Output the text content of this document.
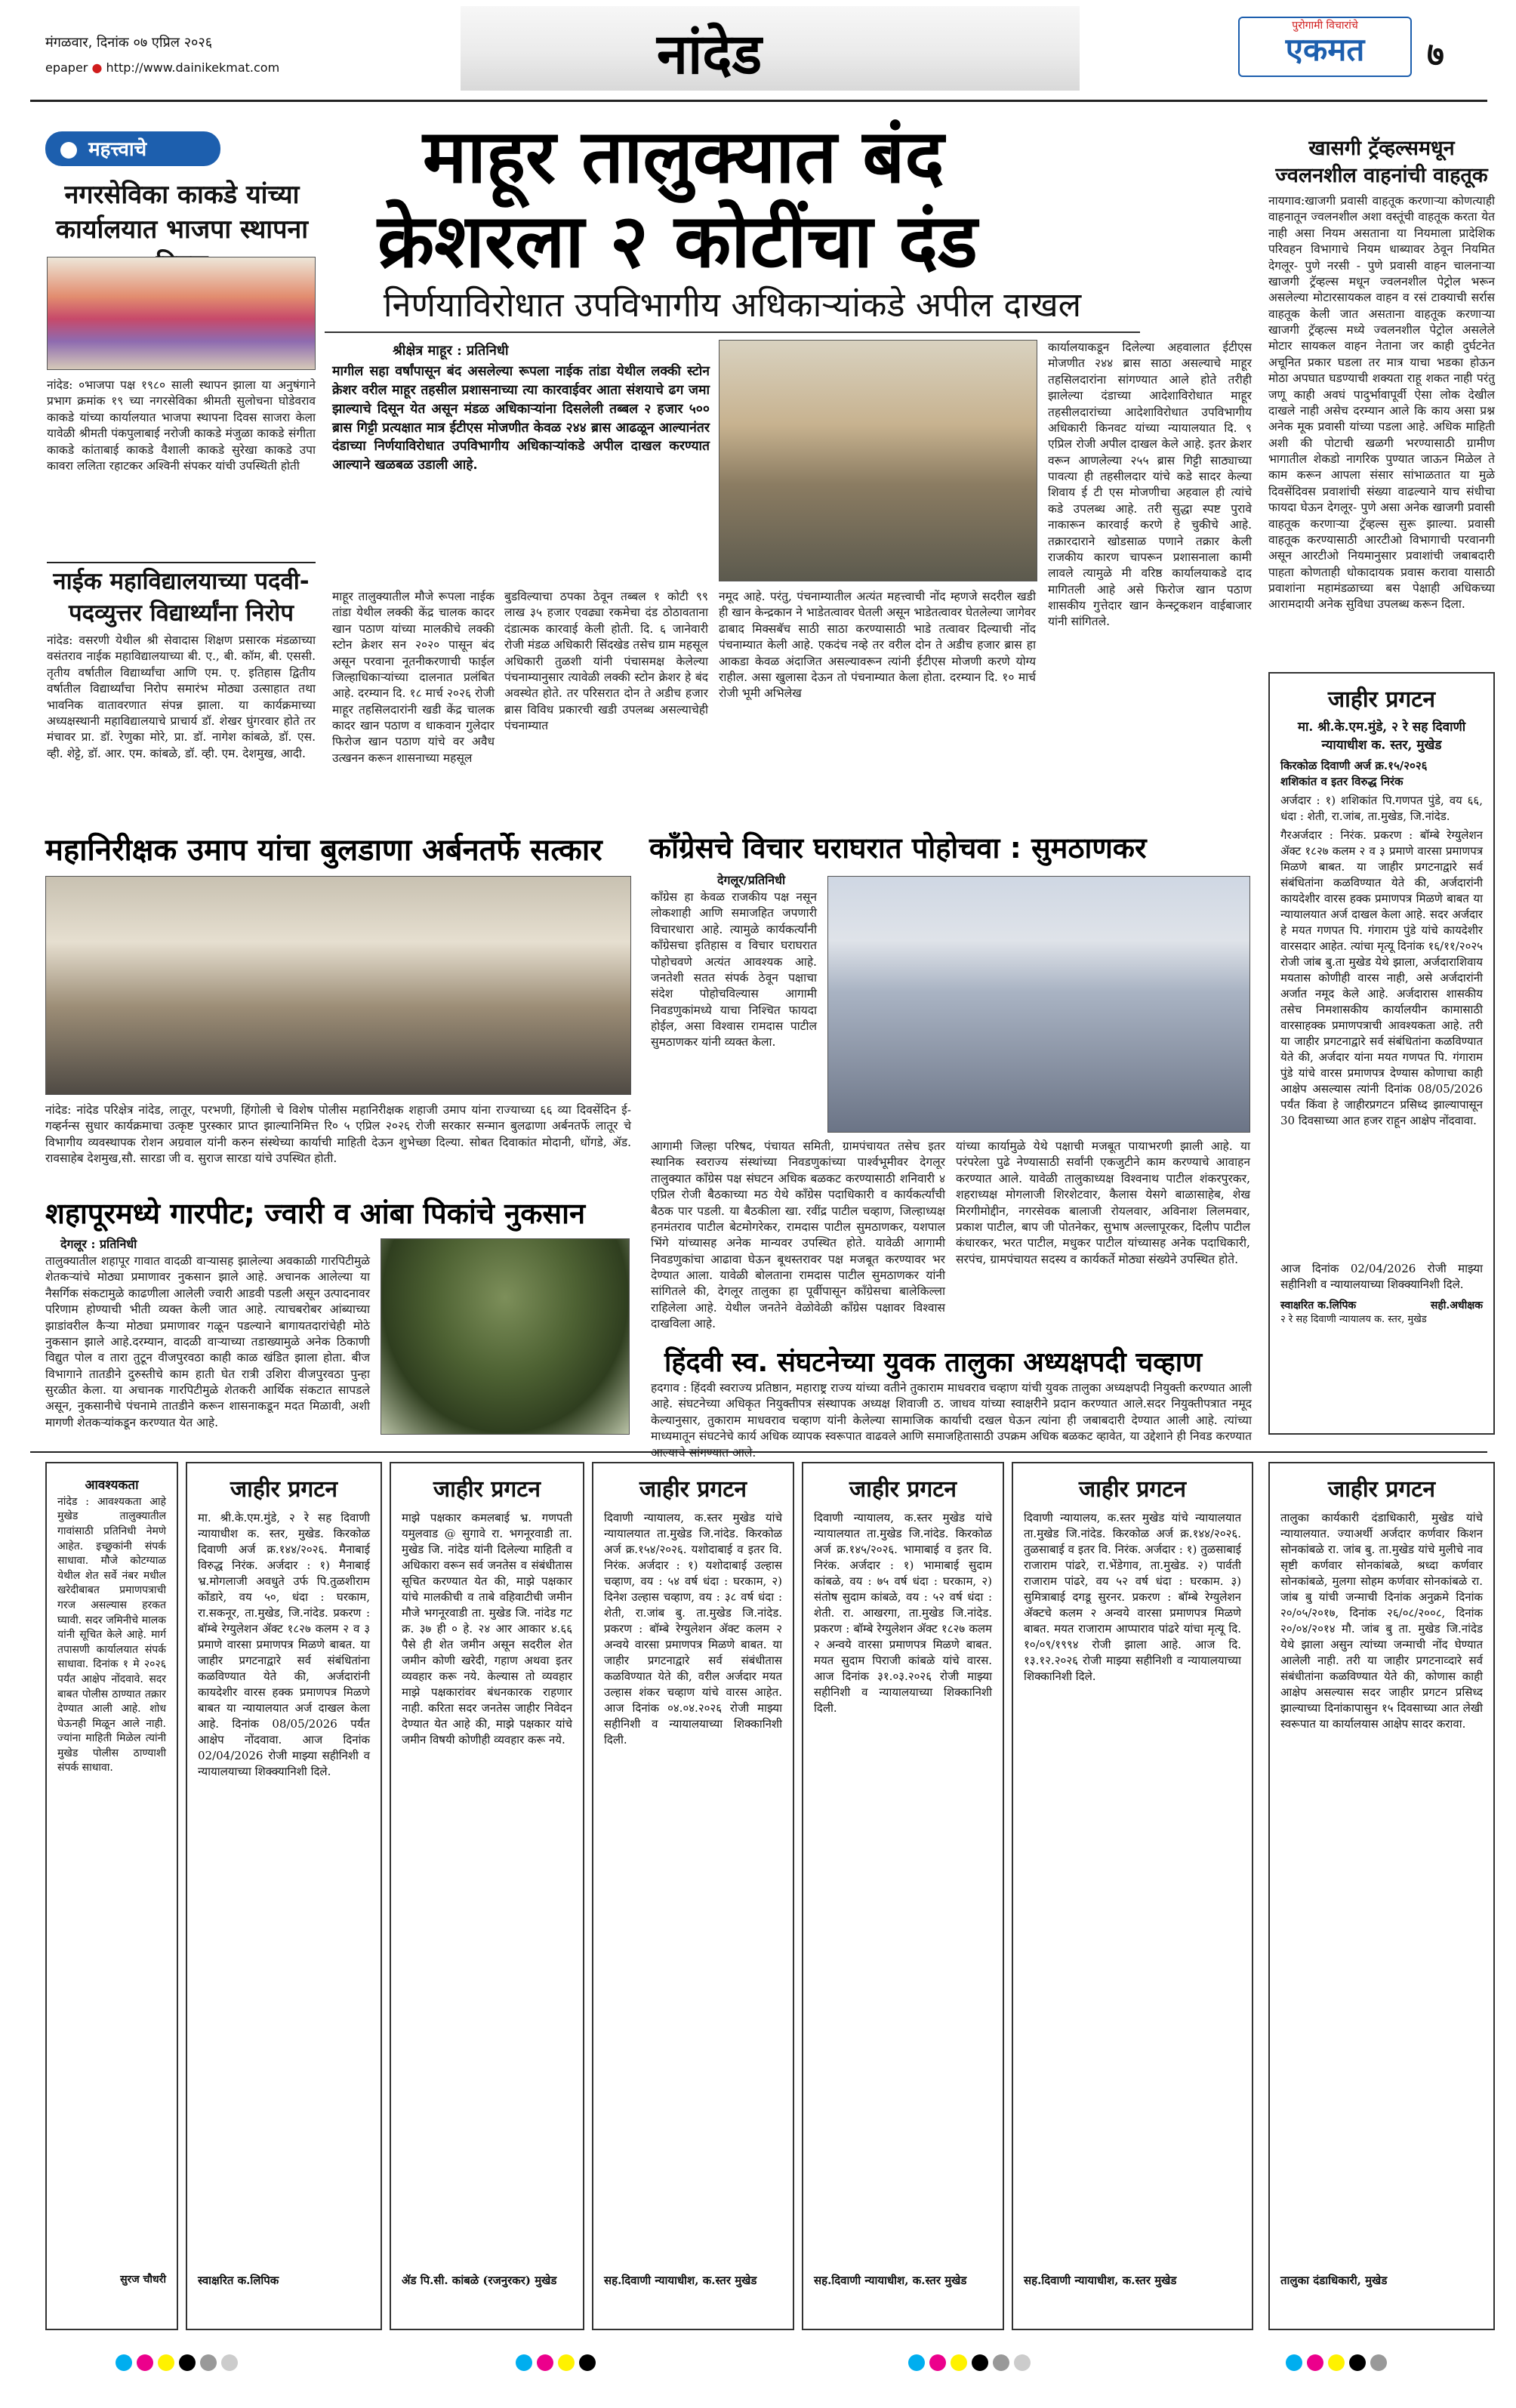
मंगळवार, दिनांक ०७ एप्रिल २०२६
epaper ● http://www.dainikekmat.com	नांदेड	पुरोगामी विचारांचे
एकमत	७
महत्त्वाचे
नगरसेविका काकडे यांच्या कार्यालयात भाजपा स्थापना
नांदेड: ०भाजपा पक्ष १९८० साली स्थापन झाला या अनुषंगाने प्रभाग क्रमांक १९ च्या नगरसेविका श्रीमती सुलोचना घोडेवराव काकडे यांच्या कार्यालयात भाजपा स्थापना दिवस साजरा केला यावेळी श्रीमती पंकपुलाबाई नरोजी काकडे मंजुळा काकडे संगीता काकडे कांताबाई काकडे वैशाली काकडे सुरेखा काकडे उपा कावरा ललिता रहाटकर अश्विनी संपकर यांची उपस्थिती होती
नाईक महाविद्यालयाच्या पदवी-पदव्युत्तर विद्यार्थ्यांना निरोप
नांदेड: वसरणी येथील श्री सेवादास शिक्षण प्रसारक मंडळाच्या वसंतराव नाईक महाविद्यालयाच्या बी. ए., बी. कॉम, बी. एससी. तृतीय वर्षातील विद्यार्थ्यांचा आणि एम. ए. इतिहास द्वितीय वर्षातील विद्यार्थ्यांचा निरोप समारंभ मोठ्या उत्साहात तथा भावनिक वातावरणात संपन्न झाला. या कार्यक्रमाच्या अध्यक्षस्थानी महाविद्यालयाचे प्राचार्य डॉ. शेखर घुंगरवार होते तर मंचावर प्रा. डॉ. रेणुका मोरे, प्रा. डॉ. नागेश कांबळे, डॉ. एस. व्ही. शेट्टे, डॉ. आर. एम. कांबळे, डॉ. व्ही. एम. देशमुख, आदी.
माहूर तालुक्यात बंद
क्रेशरला २ कोटींचा दंड
निर्णयाविरोधात उपविभागीय अधिकाऱ्यांकडे अपील दाखल
श्रीक्षेत्र माहूर : प्रतिनिधी
मागील सहा वर्षांपासून बंद असलेल्या रूपला नाईक तांडा येथील लक्की स्टोन क्रेशर वरील माहूर तहसील प्रशासनाच्या त्या कारवाईवर आता संशयाचे ढग जमा झाल्याचे दिसून येत असून मंडळ अधिकाऱ्यांना दिसलेली तब्बल २ हजार ५०० ब्रास गिट्टी प्रत्यक्षात मात्र ईटीएस मोजणीत केवळ २४४ ब्रास आढळून आल्यानंतर दंडाच्या निर्णयाविरोधात उपविभागीय अधिकाऱ्यांकडे अपील दाखल करण्यात आल्याने खळबळ उडाली आहे.
माहूर तालुक्यातील मौजे रूपला नाईक तांडा येथील लक्की केंद्र चालक कादर खान पठाण यांच्या मालकीचे लक्की स्टोन क्रेशर सन २०२० पासून बंद असून परवाना नूतनीकरणाची फाईल जिल्हाधिकाऱ्यांच्या दालनात प्रलंबित आहे. दरम्यान दि. १८ मार्च २०२६ रोजी माहूर तहसिलदारांनी खडी केंद्र चालक कादर खान पठाण व धाकवान गुलेदार फिरोज खान पठाण यांचे वर अवैध उत्खनन करून शासनाच्या महसूल
बुडविल्याचा ठपका ठेवून तब्बल १ कोटी ९९ लाख ३५ हजार एवढ्या रकमेचा दंड ठोठावताना दंडात्मक कारवाई केली होती. दि. ६ जानेवारी रोजी मंडळ अधिकारी सिंदखेड तसेच ग्राम महसूल अधिकारी तुळशी यांनी पंचासमक्ष केलेल्या पंचनाम्यानुसार त्यावेळी लक्की स्टोन क्रेशर हे बंद अवस्थेत होते. तर परिसरात दोन ते अडीच हजार ब्रास विविध प्रकारची खडी उपलब्ध असल्याचेही पंचनाम्यात
नमूद आहे. परंतु, पंचनाम्यातील अत्यंत महत्त्वाची नोंद म्हणजे सदरील खडी ही खान केन्द्रकान ने भाडेतत्वावर घेतली असून भाडेतत्वावर घेतलेल्या जागेवर ढाबाद मिक्सबॅच साठी साठा करण्यासाठी भाडे तत्वावर दिल्याची नोंद पंचनाम्यात केली आहे. एकदंच नव्हे तर वरील दोन ते अडीच हजार ब्रास हा आकडा केवळ अंदाजित असल्यावरून त्यांनी ईटीएस मोजणी करणे योग्य राहील. असा खुलासा देऊन तो पंचनाम्यात केला होता. दरम्यान दि. १० मार्च रोजी भूमी अभिलेख
कार्यालयाकडून दिलेल्या अहवालात ईटीएस मोजणीत २४४ ब्रास साठा असल्याचे माहूर तहसिलदारांना सांगण्यात आले होते तरीही झालेल्या दंडाच्या आदेशाविरोधात माहूर तहसीलदारांच्या आदेशाविरोधात उपविभागीय अधिकारी किनवट यांच्या न्यायालयात दि. ९ एप्रिल रोजी अपील दाखल केले आहे. इतर क्रेशर वरून आणलेल्या २५५ ब्रास गिट्टी साठ्याच्या पावत्या ही तहसीलदार यांचे कडे सादर केल्या शिवाय ई टी एस मोजणीचा अहवाल ही त्यांचे कडे उपलब्ध आहे. तरी सुद्धा स्पष्ट पुरावे नाकारून कारवाई करणे हे चुकीचे आहे. तक्रारदाराने खोडसाळ पणाने तक्रार केली राजकीय कारण चापरून प्रशासनाला कामी लावले त्यामुळे मी वरिष्ठ कार्यालयाकडे दाद मागितली आहे असे फिरोज खान पठाण शासकीय गुत्तेदार खान केन्स्ट्रकशन वाईबाजार यांनी सांगितले.
खासगी ट्रॅव्हल्समधून
ज्वलनशील वाहनांची वाहतूक
नायगाव:खाजगी प्रवासी वाहतूक करणाऱ्या कोणत्याही वाहनातून ज्वलनशील अशा वस्तूंची वाहतूक करता येत नाही असा नियम असताना या नियमाला प्रादेशिक परिवहन विभागाचे नियम धाब्यावर ठेवून नियमित देगलूर- पुणे नरसी - पुणे प्रवासी वाहन चालनाऱ्या खाजगी ट्रॅव्हल्स मधून ज्वलनशील पेट्रोल भरून असलेल्या मोटारसायकल वाहन व रसं टाक्याची सर्रास वाहतूक केली जात असताना वाहतूक करणाऱ्या खाजगी ट्रॅव्हल्स मध्ये ज्वलनशील पेट्रोल असलेले मोटार सायकल वाहन नेताना जर काही दुर्घटनेत अचूनित प्रकार घडला तर मात्र याचा भडका होऊन मोठा अपघात घडण्याची शक्यता राहू शकत नाही परंतु जणू काही अवघं पादुर्भावापूर्वी ऐसा लोक देखील दाखले नाही असेच दरम्यान आले कि काय असा प्रश्न अनेक मूक प्रवासी यांच्या पडला आहे. अधिक माहिती अशी की पोटाची खळगी भरण्यासाठी ग्रामीण भागातील शेकडो नागरिक पुण्यात जाऊन मिळेल ते काम करून आपला संसार सांभाळतात या मुळे दिवसेंदिवस प्रवाशांची संख्या वाढल्याने याच संधीचा फायदा घेऊन देगलूर- पुणे असा अनेक खाजगी प्रवासी वाहतूक करणाऱ्या ट्रॅव्हल्स सुरू झाल्या. प्रवासी वाहतूक करण्यासाठी आरटीओ विभागाची परवानगी असून आरटीओ नियमानुसार प्रवाशांची जबाबदारी पाहता कोणताही धोकादायक प्रवास करावा यासाठी प्रवाशांना महामंडळाच्या बस पेक्षाही अधिकच्या आरामदायी अनेक सुविधा उपलब्ध करून दिला.
जाहीर प्रगटन
मा. श्री.के.एम.मुंडे, २ रे सह दिवाणी न्यायाधीश क. स्तर, मुखेड
किरकोळ दिवाणी अर्ज क्र.१५/२०२६
शशिकांत व इतर विरुद्ध निरंक
अर्जदार : १) शशिकांत पि.गणपत पुंडे, वय ६६, धंदा : शेती, रा.जांब, ता.मुखेड, जि.नांदेड.
गैरअर्जदार : निरंक. प्रकरण : बॉम्बे रेग्युलेशन ॲक्ट १८२७ कलम २ व ३ प्रमाणे वारसा प्रमाणपत्र मिळणे बाबत. या जाहीर प्रगटनाद्वारे सर्व संबंधितांना कळविण्यात येते की, अर्जदारांनी कायदेशीर वारस हक्क प्रमाणपत्र मिळणे बाबत या न्यायालयात अर्ज दाखल केला आहे. सदर अर्जदार हे मयत गणपत पि. गंगाराम पुंडे यांचे कायदेशीर वारसदार आहेत. त्यांचा मृत्यू दिनांक १६/११/२०२५ रोजी जांब बु.ता मुखेड येथे झाला, अर्जदाराशिवाय मयतास कोणीही वारस नाही, असे अर्जदारांनी अर्जात नमूद केले आहे. अर्जदारास शासकीय तसेच निमशासकीय कार्यालयीन कामासाठी वारसाहक्क प्रमाणपत्राची आवश्यकता आहे. तरी या जाहीर प्रगटनाद्वारे सर्व संबंधितांना कळविण्यात येते की, अर्जदार यांना मयत गणपत पि. गंगाराम पुंडे यांचे वारस प्रमाणपत्र देण्यास कोणाचा काही आक्षेप असल्यास त्यांनी दिनांक 08/05/2026 पर्यंत किंवा हे जाहीरप्रगटन प्रसिध्द झाल्यापासून 30 दिवसाच्या आत हजर राहून आक्षेप नोंदवावा.
आज दिनांक 02/04/2026 रोजी माझ्या सहीनिशी व न्यायालयाच्या शिक्क्यानिशी दिले.
स्वाक्षरित क.लिपिक	सही.अधीक्षक
२ रे सह दिवाणी न्यायालय क. स्तर, मुखेड
महानिरीक्षक उमाप यांचा बुलडाणा अर्बनतर्फे सत्कार
नांदेड: नांदेड परिक्षेत्र नांदेड, लातूर, परभणी, हिंगोली चे विशेष पोलीस महानिरीक्षक शहाजी उमाप यांना राज्याच्या ६६ व्या दिवसेंदिन ई-गव्हर्नन्स सुधार कार्यक्रमाचा उत्कृष्ट पुरस्कार प्राप्त झाल्यानिमित्त रि० ५ एप्रिल २०२६ रोजी सरकार सन्मान बुलढाणा अर्बनतर्फे लातूर चे विभागीय व्यवस्थापक रोशन अग्रवाल यांनी करुन संस्थेच्या कार्याची माहिती देऊन शुभेच्छा दिल्या. सोबत दिवाकांत मोदानी, धोंगडे, ॲड. रावसाहेब देशमुख,सौ. सारडा जी व. सुराज सारडा यांचे उपस्थित होती.
काँग्रेसचे विचार घराघरात पोहोचवा : सुमठाणकर
देगलूर/प्रतिनिधी
काँग्रेस हा केवळ राजकीय पक्ष नसून लोकशाही आणि समाजहित जपणारी विचारधारा आहे. त्यामुळे कार्यकर्त्यांनी काँग्रेसचा इतिहास व विचार घराघरात पोहोचवणे अत्यंत आवश्यक आहे. जनतेशी सतत संपर्क ठेवून पक्षाचा संदेश पोहोचविल्यास आगामी निवडणुकांमध्ये याचा निश्चित फायदा होईल, असा विश्वास रामदास पाटील सुमठाणकर यांनी व्यक्त केला.
आगामी जिल्हा परिषद, पंचायत समिती, ग्रामपंचायत तसेच इतर स्थानिक स्वराज्य संस्थांच्या निवडणुकांच्या पार्श्वभूमीवर देगलूर तालुक्यात काँग्रेस पक्ष संघटन अधिक बळकट करण्यासाठी शनिवारी ४ एप्रिल रोजी बैठकाच्या मठ येथे काँग्रेस पदाधिकारी व कार्यकर्त्यांची बैठक पार पडली. या बैठकीला खा. रवींद्र पाटील चव्हाण, जिल्हाध्यक्ष हनमंतराव पाटील बेटमोगरेकर, रामदास पाटील सुमठाणकर, यशपाल भिंगे यांच्यासह अनेक मान्यवर उपस्थित होते. यावेळी आगामी निवडणुकांचा आढावा घेऊन बूथस्तरावर पक्ष मजबूत करण्यावर भर देण्यात आला. यावेळी बोलताना रामदास पाटील सुमठाणकर यांनी सांगितले की, देगलूर तालुका हा पूर्वीपासून काँग्रेसचा बालेकिल्ला राहिलेला आहे. येथील जनतेने वेळोवेळी काँग्रेस पक्षावर विश्वास दाखविला आहे.
यांच्या कार्यामुळे येथे पक्षाची मजबूत पायाभरणी झाली आहे. या परंपरेला पुढे नेण्यासाठी सर्वांनी एकजुटीने काम करण्याचे आवाहन करण्यात आले. यावेळी तालुकाध्यक्ष विश्वनाथ पाटील शंकरपुरकर, शहराध्यक्ष मोगलाजी शिरशेटवार, कैलास येसगे बाळासाहेब, शेख मिरगीमोद्दीन, नगरसेवक बालाजी रोयलवार, अविनाश लिलमवार, प्रकाश पाटील, बाप जी पोतनेकर, सुभाष अल्लापूरकर, दिलीप पाटील कंधारकर, भरत पाटील, मधुकर पाटील यांच्यासह अनेक पदाधिकारी, सरपंच, ग्रामपंचायत सदस्य व कार्यकर्ते मोठ्या संख्येने उपस्थित होते.
शहापूरमध्ये गारपीट; ज्वारी व आंबा पिकांचे नुकसान
देगलूर : प्रतिनिधी
तालुक्यातील शहापूर गावात वादळी वाऱ्यासह झालेल्या अवकाळी गारपिटीमुळे शेतकऱ्यांचे मोठ्या प्रमाणावर नुकसान झाले आहे. अचानक आलेल्या या नैसर्गिक संकटामुळे काढणीला आलेली ज्वारी आडवी पडली असून उत्पादनावर परिणाम होण्याची भीती व्यक्त केली जात आहे. त्याचबरोबर आंब्याच्या झाडांवरील कैऱ्या मोठ्या प्रमाणावर गळून पडल्याने बागायतदारांचेही मोठे नुकसान झाले आहे.दरम्यान, वादळी वाऱ्याच्या तडाख्यामुळे अनेक ठिकाणी विद्युत पोल व तारा तुटून वीजपुरवठा काही काळ खंडित झाला होता. बीज विभागाने तातडीने दुरुस्तीचे काम हाती घेत रात्री उशिरा वीजपुरवठा पुन्हा सुरळीत केला. या अचानक गारपिटीमुळे शेतकरी आर्थिक संकटात सापडले असून, नुकसानीचे पंचनामे तातडीने करून शासनाकडून मदत मिळावी, अशी मागणी शेतकऱ्यांकडून करण्यात येत आहे.
हिंदवी स्व. संघटनेच्या युवक तालुका अध्यक्षपदी चव्हाण
हदगाव : हिंदवी स्वराज्य प्रतिष्ठान, महाराष्ट्र राज्य यांच्या वतीने तुकाराम माधवराव चव्हाण यांची युवक तालुका अध्यक्षपदी नियुक्ती करण्यात आली आहे. संघटनेच्या अधिकृत नियुक्तीपत्र संस्थापक अध्यक्ष शिवाजी ठ. जाधव यांच्या स्वाक्षरीने प्रदान करण्यात आले.सदर नियुक्तीपत्रात नमूद केल्यानुसार, तुकाराम माधवराव चव्हाण यांनी केलेल्या सामाजिक कार्याची दखल घेऊन त्यांना ही जबाबदारी देण्यात आली आहे. त्यांच्या माध्यमातून संघटनेचे कार्य अधिक व्यापक स्वरूपात वाढवले आणि समाजहितासाठी उपक्रम अधिक बळकट व्हावेत, या उद्देशाने ही निवड करण्यात
आवश्यकता
नांदेड : आवश्यकता आहे मुखेड तालुक्यातील गावांसाठी प्रतिनिधी नेमणे आहेत. इच्छुकांनी संपर्क साधावा. मौजे कोटग्याळ येथील शेत सर्वे नंबर मधील खरेदीबाबत प्रमाणपत्राची गरज असल्यास हरकत घ्यावी. सदर जमिनीचे मालक यांनी सूचित केले आहे. मार्ग तपासणी कार्यालयात संपर्क साधावा. दिनांक १ मे २०२६ पर्यंत आक्षेप नोंदवावे. सदर बाबत पोलीस ठाण्यात तक्रार देण्यात आली आहे. शोध घेऊनही मिळून आले नाही. ज्यांना माहिती मिळेल त्यांनी मुखेड पोलीस ठाण्याशी संपर्क साधावा.
सुरज चौधरी
जाहीर प्रगटन
मा. श्री.के.एम.मुंडे, २ रे सह दिवाणी न्यायाधीश क. स्तर, मुखेड. किरकोळ दिवाणी अर्ज क्र.१४४/२०२६. मैनाबाई विरुद्ध निरंक. अर्जदार : १) मैनाबाई भ्र.मोगलाजी अवधुते उर्फ पि.तुळशीराम कोंडारे, वय ५०, धंदा : घरकाम, रा.सकनूर, ता.मुखेड, जि.नांदेड. प्रकरण : बॉम्बे रेग्युलेशन ॲक्ट १८२७ कलम २ व ३ प्रमाणे वारसा प्रमाणपत्र मिळणे बाबत. या जाहीर प्रगटनाद्वारे सर्व संबंधितांना कळविण्यात येते की, अर्जदारांनी कायदेशीर वारस हक्क प्रमाणपत्र मिळणे बाबत या न्यायालयात अर्ज दाखल केला आहे. दिनांक 08/05/2026 पर्यंत आक्षेप नोंदवावा. आज दिनांक 02/04/2026 रोजी माझ्या सहीनिशी व न्यायालयाच्या शिक्क्यानिशी दिले.
स्वाक्षरित क.लिपिक
जाहीर प्रगटन
माझे पक्षकार कमलबाई भ्र. गणपती यमुलवाड @ सुगावे रा. भगनूरवाडी ता. मुखेड जि. नांदेड यांनी दिलेल्या माहिती व अधिकारा वरून सर्व जनतेस व संबंधीतास सूचित करण्यात येत की, माझे पक्षकार यांचे मालकीची व ताबे वहिवाटीची जमीन मौजे भगनूरवाडी ता. मुखेड जि. नांदेड गट क्र. ३७ ही ० हे. २४ आर आकार ४.६६ पैसे ही शेत जमीन असून सदरील शेत जमीन कोणी खरेदी, गहाण अथवा इतर व्यवहार करू नये. केल्यास तो व्यवहार माझे पक्षकारांवर बंधनकारक राहणार नाही. करिता सदर जनतेस जाहीर निवेदन देण्यात येत आहे की, माझे पक्षकार यांचे जमीन विषयी कोणीही व्यवहार करू नये.
ॲड पि.सी. कांबळे (रजनुरकर) मुखेड
जाहीर प्रगटन
दिवाणी न्यायालय, क.स्तर मुखेड यांचे न्यायालयात ता.मुखेड जि.नांदेड. किरकोळ अर्ज क्र.१५४/२०२६. यशोदाबाई व इतर वि. निरंक. अर्जदार : १) यशोदाबाई उल्हास चव्हाण, वय : ५४ वर्ष धंदा : घरकाम, २) दिनेश उल्हास चव्हाण, वय : ३८ वर्ष धंदा : शेती, रा.जांब बु. ता.मुखेड जि.नांदेड. प्रकरण : बॉम्बे रेग्युलेशन ॲक्ट कलम २ अन्वये वारसा प्रमाणपत्र मिळणे बाबत. या जाहीर प्रगटनाद्वारे सर्व संबंधीतास कळविण्यात येते की, वरील अर्जदार मयत उल्हास शंकर चव्हाण यांचे वारस आहेत. आज दिनांक ०४.०४.२०२६ रोजी माझ्या सहीनिशी व न्यायालयाच्या शिक्कानिशी दिली.
सह.दिवाणी न्यायाधीश, क.स्तर मुखेड
जाहीर प्रगटन
दिवाणी न्यायालय, क.स्तर मुखेड यांचे न्यायालयात ता.मुखेड जि.नांदेड. किरकोळ अर्ज क्र.१४५/२०२६. भामाबाई व इतर वि. निरंक. अर्जदार : १) भामाबाई सुदाम कांबळे, वय : ७५ वर्ष धंदा : घरकाम, २) संतोष सुदाम कांबळे, वय : ५२ वर्ष धंदा : शेती. रा. आखरगा, ता.मुखेड जि.नांदेड. प्रकरण : बॉम्बे रेग्युलेशन ॲक्ट १८२७ कलम २ अन्वये वारसा प्रमाणपत्र मिळणे बाबत. मयत सुदाम पिराजी कांबळे यांचे वारस. आज दिनांक ३१.०३.२०२६ रोजी माझ्या सहीनिशी व न्यायालयाच्या शिक्कानिशी दिली.
सह.दिवाणी न्यायाधीश, क.स्तर मुखेड
जाहीर प्रगटन
दिवाणी न्यायालय, क.स्तर मुखेड यांचे न्यायालयात ता.मुखेड जि.नांदेड. किरकोळ अर्ज क्र.१४४/२०२६. तुळसाबाई व इतर वि. निरंक. अर्जदार : १) तुळसाबाई राजाराम पांढरे, रा.भेंडेगाव, ता.मुखेड. २) पार्वती राजाराम पांढरे, वय ५२ वर्ष धंदा : घरकाम. ३) सुमित्राबाई दगडू सुरनर. प्रकरण : बॉम्बे रेग्युलेशन ॲक्टचे कलम २ अन्वये वारसा प्रमाणपत्र मिळणे बाबत. मयत राजाराम आप्पाराव पांढरे यांचा मृत्यू दि. १०/०९/१९९४ रोजी झाला आहे. आज दि. १३.१२.२०२६ रोजी माझ्या सहीनिशी व न्यायालयाच्या शिक्कानिशी दिले.
सह.दिवाणी न्यायाधीश, क.स्तर मुखेड
जाहीर प्रगटन
तालुका कार्यकारी दंडाधिकारी, मुखेड यांचे न्यायालयात. ज्याअर्थी अर्जदार कर्णवार किशन सोनकांबळे रा. जांब बु. ता.मुखेड यांचे मुलीचे नाव सृष्टी कर्णवार सोनकांबळे, श्रध्दा कर्णवार सोनकांबळे, मुलगा सोहम कर्णवार सोनकांबळे रा. जांब बु यांची जन्माची दिनांक अनुक्रमे दिनांक २०/०५/२०१७, दिनांक २६/०८/२००८, दिनांक २०/०४/२०१४ मौ. जांब बु ता. मुखेड जि.नांदेड येथे झाला असुन त्यांच्या जन्माची नोंद घेण्यात आलेली नाही. तरी या जाहीर प्रगटनाव्दारे सर्व संबंधीतांना कळविण्यात येते की, कोणास काही आक्षेप असल्यास सदर जाहीर प्रगटन प्रसिध्द झाल्याच्या दिनांकापासुन १५ दिवसाच्या आत लेखी स्वरूपात या कार्यालयास आक्षेप सादर करावा.
तालुका दंडाधिकारी, मुखेड
